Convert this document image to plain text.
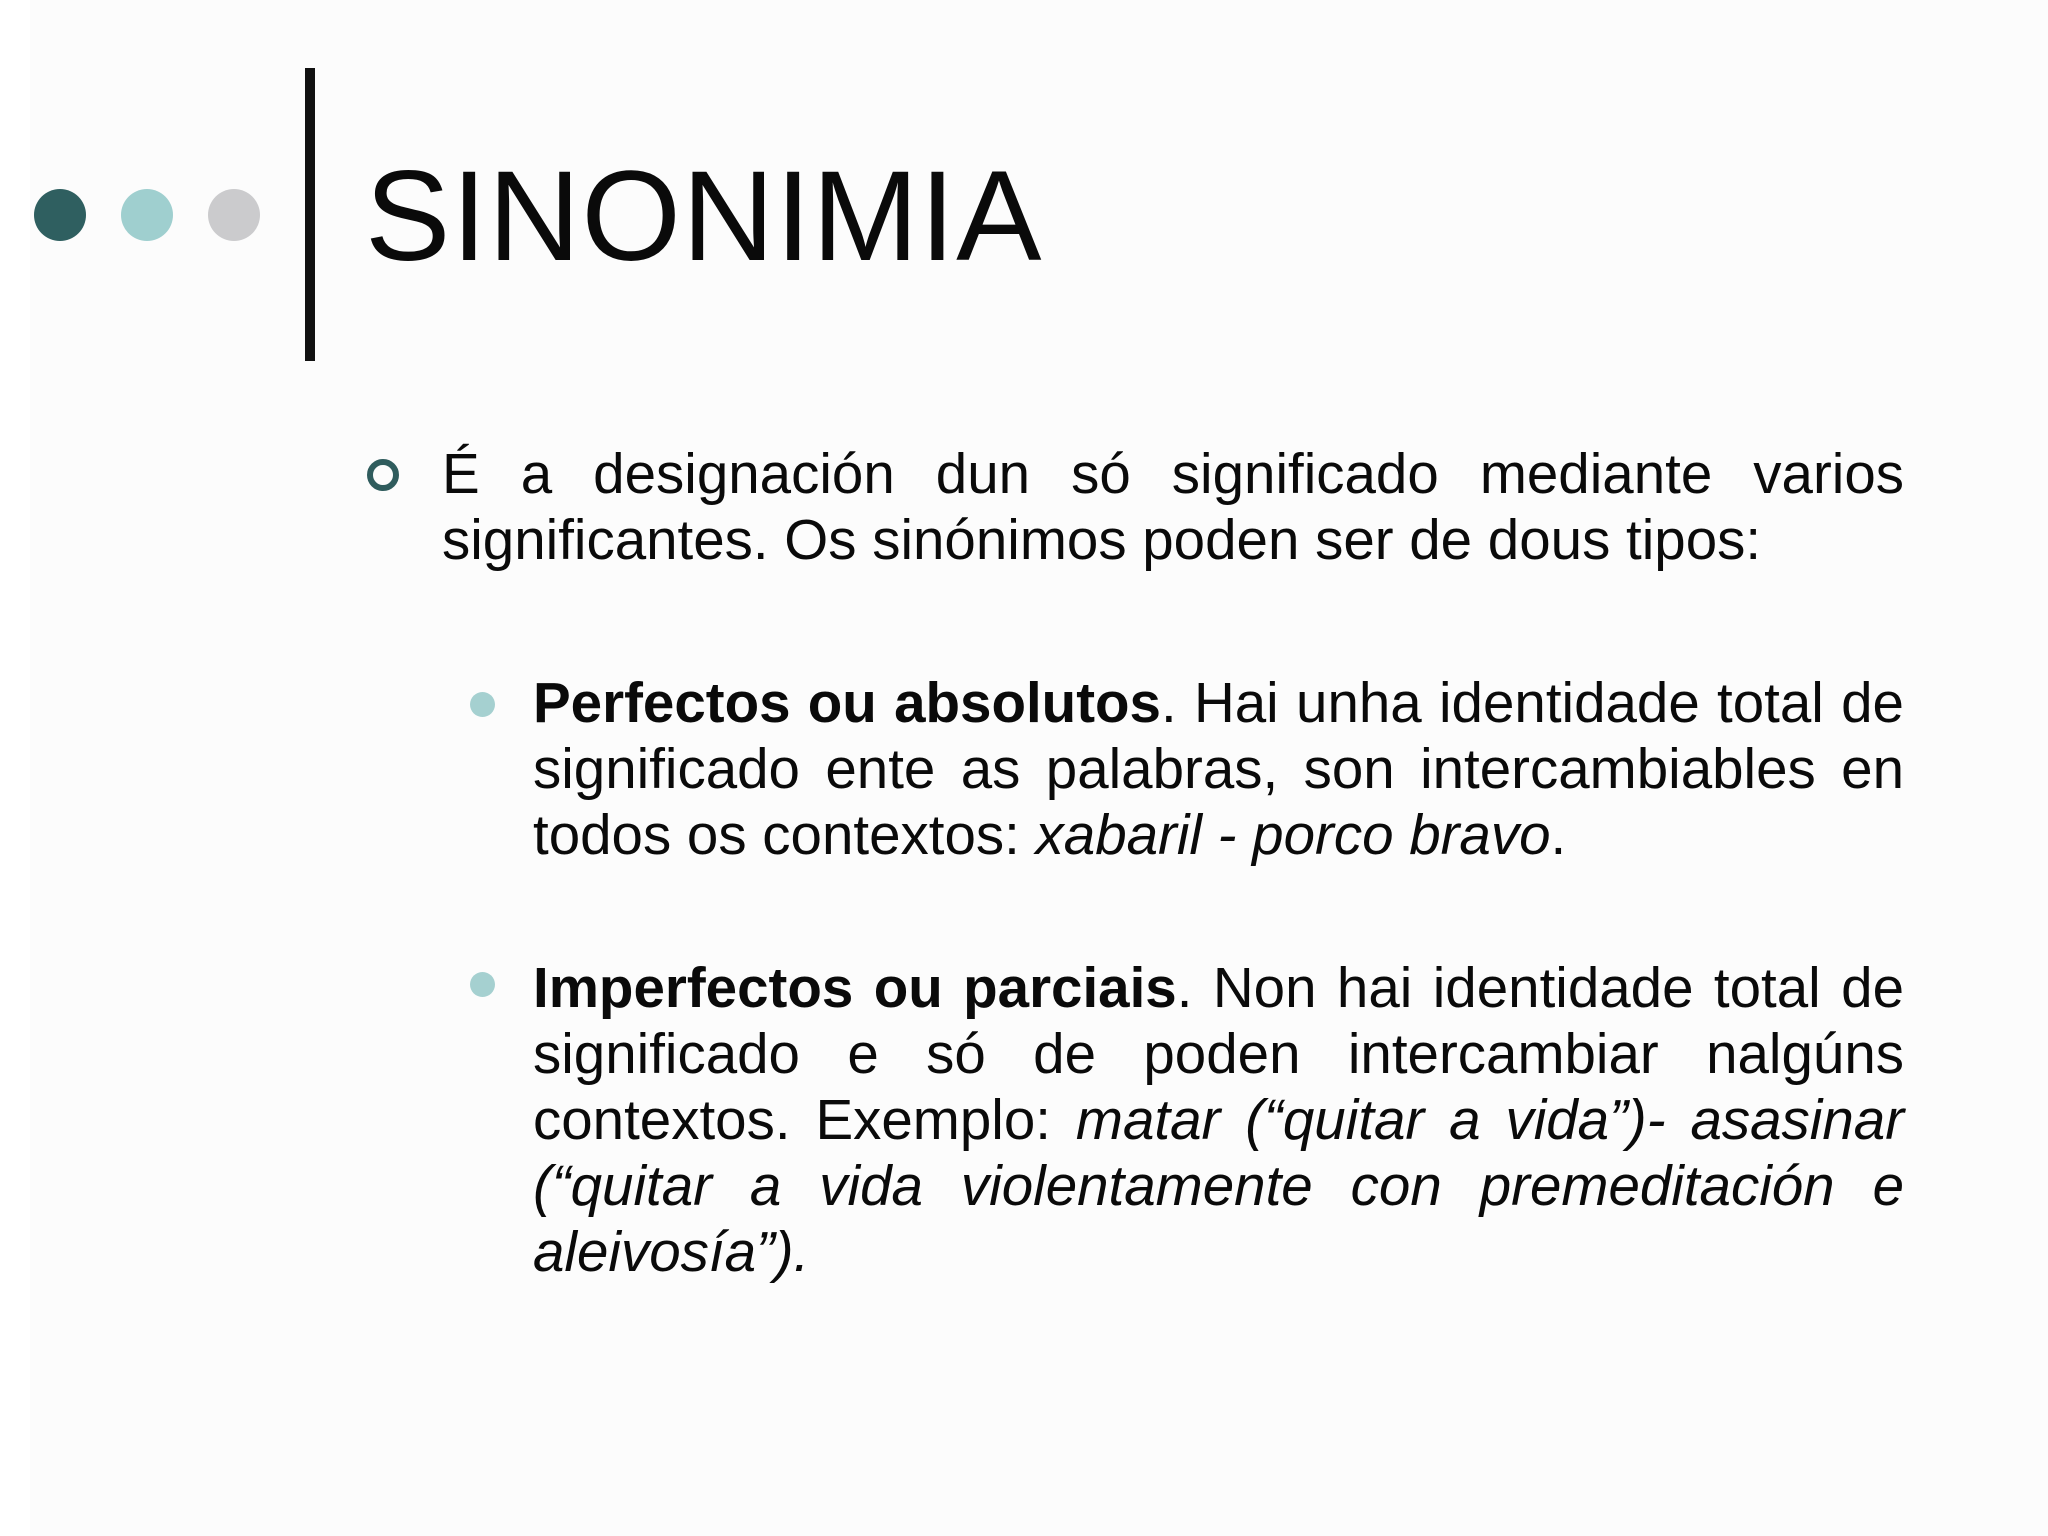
SINONIMIA

É a designación dun só significado mediante varios significantes. Os sinónimos poden ser de dous tipos:

Perfectos ou absolutos. Hai unha identidade total de significado ente as palabras, son intercambiables en todos os contextos: xabaril - porco bravo.

Imperfectos ou parciais. Non hai identidade total de significado e só de poden intercambiar nalgúns contextos. Exemplo: matar (“quitar a vida”)- asasinar (“quitar a vida violentamente con premeditación e aleivosía”).
